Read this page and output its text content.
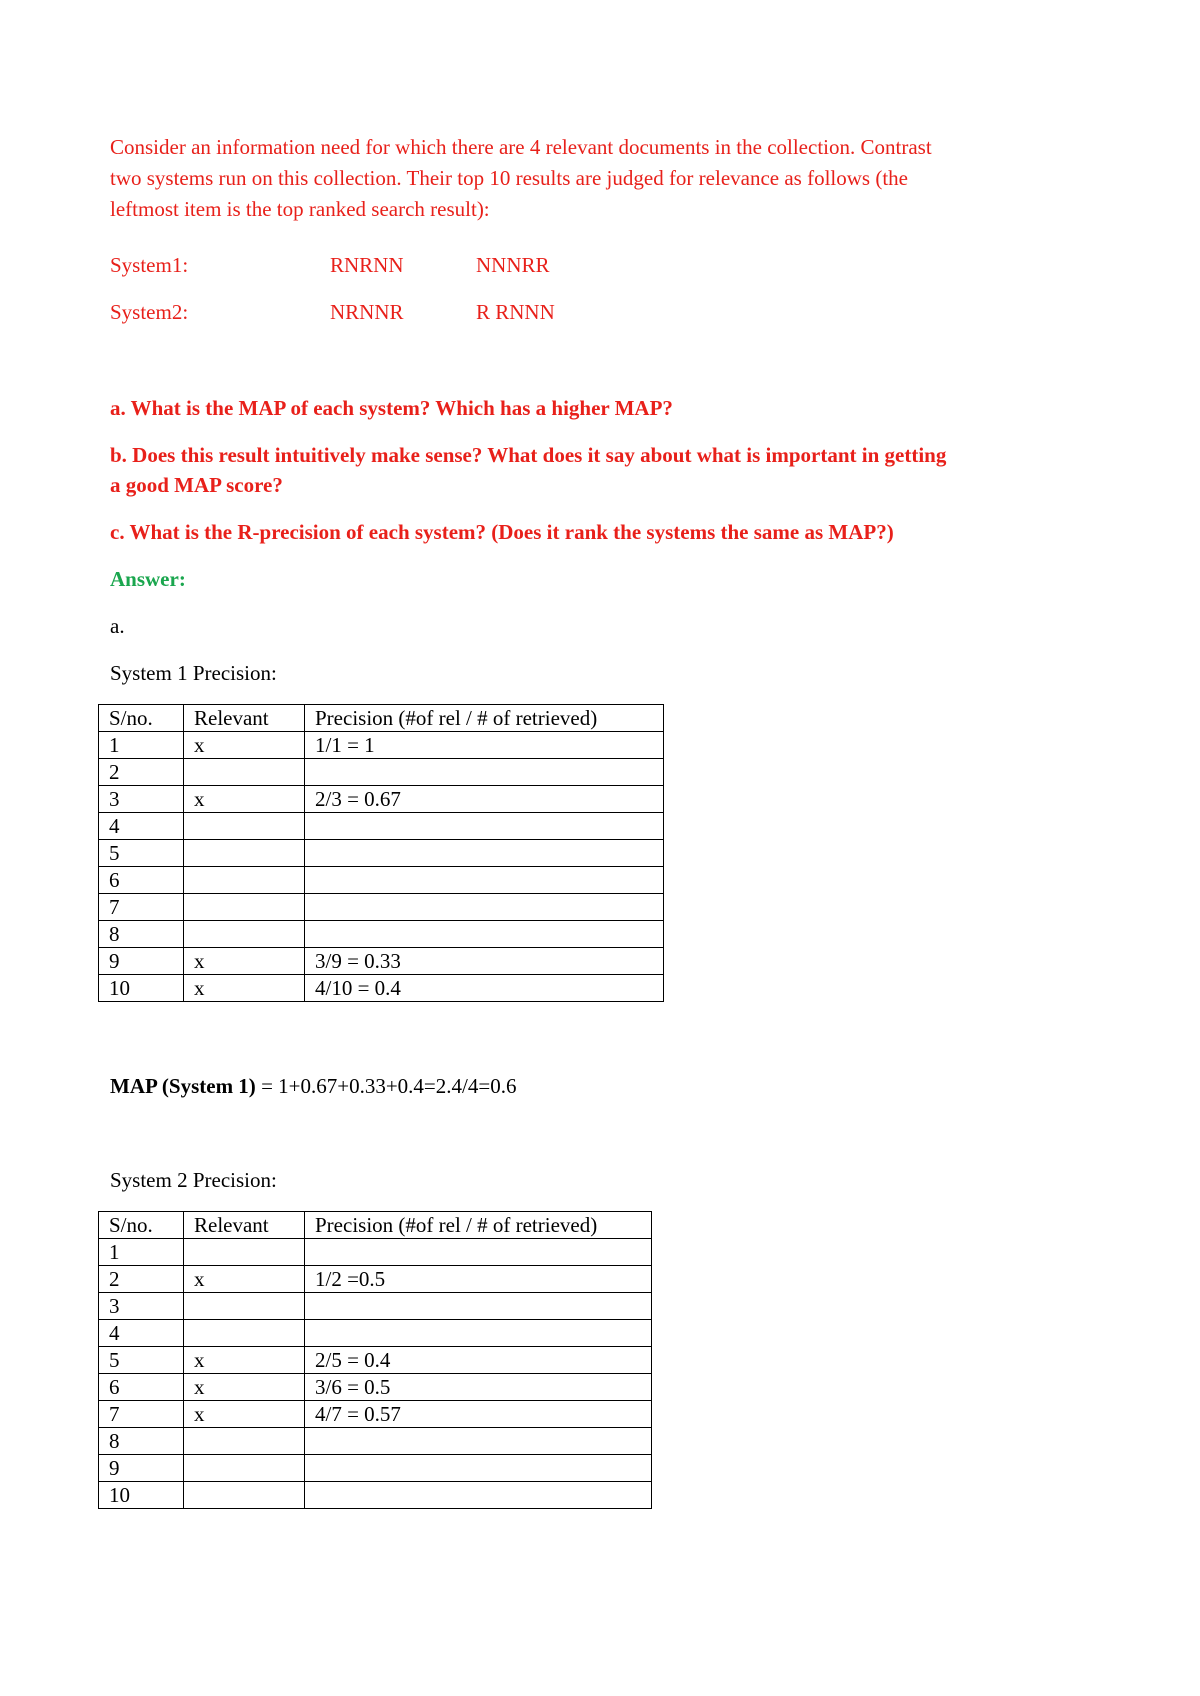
Consider an information need for which there are 4 relevant documents in the collection. Contrast
two systems run on this collection. Their top 10 results are judged for relevance as follows (the
leftmost item is the top ranked search result):
System1:	RNRNN	NNNRR
System2:	NRNNR	R RNNN
a. What is the MAP of each system? Which has a higher MAP?
b. Does this result intuitively make sense? What does it say about what is important in getting
a good MAP score?
c. What is the R-precision of each system? (Does it rank the systems the same as MAP?)
Answer:
a.
System 1 Precision:
S/no.	Relevant	Precision (#of rel / # of retrieved)
1	x	1/1 = 1
2		
3	x	2/3 = 0.67
4		
5		
6		
7		
8		
9	x	3/9 = 0.33
10	x	4/10 = 0.4
MAP (System 1) = 1+0.67+0.33+0.4=2.4/4=0.6
System 2 Precision:
S/no.	Relevant	Precision (#of rel / # of retrieved)
1		
2	x	1/2 =0.5
3		
4		
5	x	2/5 = 0.4
6	x	3/6 = 0.5
7	x	4/7 = 0.57
8		
9		
10		
